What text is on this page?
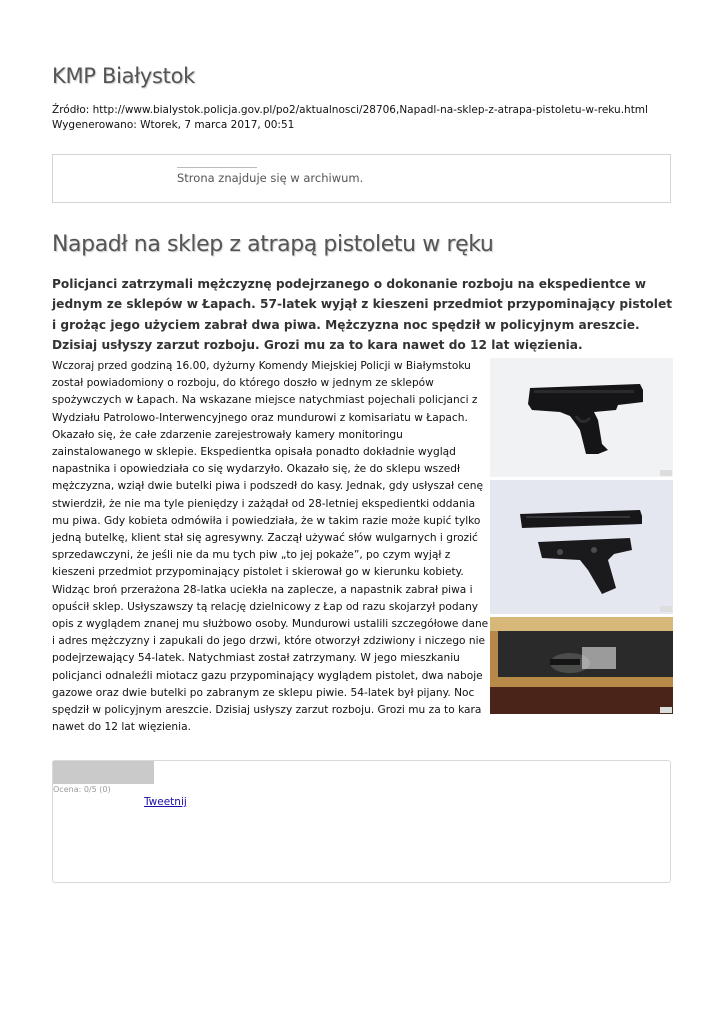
KMP Białystok
Źródło: http://www.bialystok.policja.gov.pl/po2/aktualnosci/28706,Napadl-na-sklep-z-atrapa-pistoletu-w-reku.html
Wygenerowano: Wtorek, 7 marca 2017, 00:51
Strona znajduje się w archiwum.
Napadł na sklep z atrapą pistoletu w ręku

Policjanci zatrzymali mężczyznę podejrzanego o dokonanie rozboju na ekspedientce w jednym ze sklepów w Łapach. 57-latek wyjął z kieszeni przedmiot przypominający pistolet i grożąc jego użyciem zabrał dwa piwa. Mężczyzna noc spędził w policyjnym areszcie. Dzisiaj usłyszy zarzut rozboju. Grozi mu za to kara nawet do 12 lat więzienia.

Wczoraj przed godziną 16.00, dyżurny Komendy Miejskiej Policji w Białymstoku został powiadomiony o rozboju, do którego doszło w jednym ze sklepów spożywczych w Łapach. Na wskazane miejsce natychmiast pojechali policjanci z Wydziału Patrolowo-Interwencyjnego oraz mundurowi z komisariatu w Łapach. Okazało się, że całe zdarzenie zarejestrowały kamery monitoringu zainstalowanego w sklepie. Ekspedientka opisała ponadto dokładnie wygląd napastnika i opowiedziała co się wydarzyło. Okazało się, że do sklepu wszedł mężczyzna, wziął dwie butelki piwa i podszedł do kasy. Jednak, gdy usłyszał cenę stwierdził, że nie ma tyle pieniędzy i zażądał od 28-letniej ekspedientki oddania mu piwa. Gdy kobieta odmówiła i powiedziała, że w takim razie może kupić tylko jedną butelkę, klient stał się agresywny. Zaczął używać słów wulgarnych i grozić sprzedawczyni, że jeśli nie da mu tych piw „to jej pokaże”, po czym wyjął z kieszeni przedmiot przypominający pistolet i skierował go w kierunku kobiety. Widząc broń przerażona 28-latka uciekła na zaplecze, a napastnik zabrał piwa i opuścił sklep. Usłyszawszy tą relację dzielnicowy z Łap od razu skojarzył podany opis z wyglądem znanej mu służbowo osoby. Mundurowi ustalili szczegółowe dane i adres mężczyzny i zapukali do jego drzwi, które otworzył zdziwiony i niczego nie podejrzewający 54-latek. Natychmiast został zatrzymany. W jego mieszkaniu policjanci odnaleźli miotacz gazu przypominający wyglądem pistolet, dwa naboje gazowe oraz dwie butelki po zabranym ze sklepu piwie. 54-latek był pijany. Noc spędził w policyjnym areszcie. Dzisiaj usłyszy zarzut rozboju. Grozi mu za to kara nawet do 12 lat więzienia.

Ocena: 0/5 (0)
Tweetnij
